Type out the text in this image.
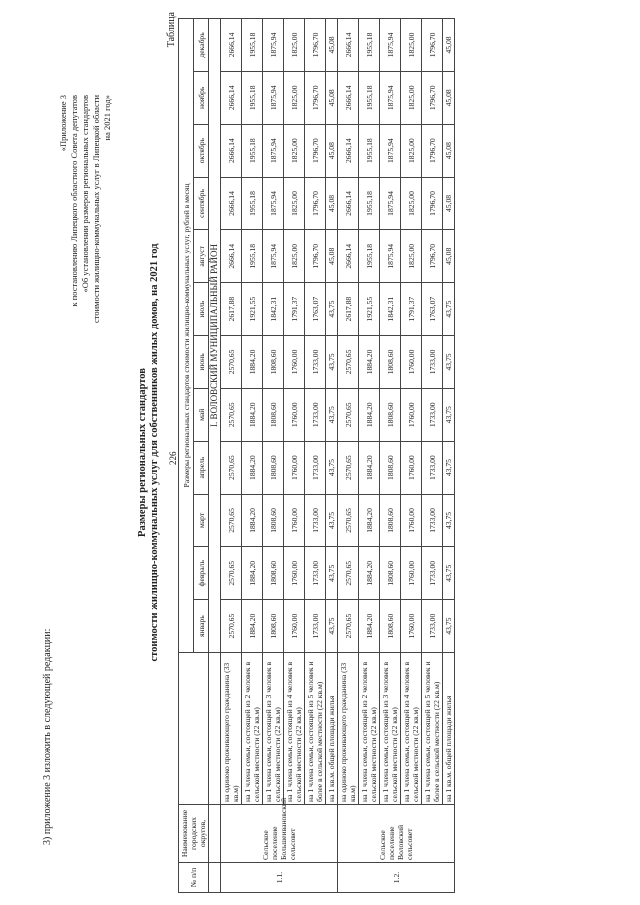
3) приложение 3 изложить в следующей редакции:
226
«Приложение 3 к постановлению Липецкого областного Совета депутатов «Об установлении размеров региональных стандартов стоимости жилищно-коммунальных услуг в Липецкой области на 2021 год»
Размеры региональных стандартов стоимости жилищно-коммунальных услуг для собственников жилых домов, на 2021 год
Таблица
№ п/п	Наименование городских округов,		Размеры региональных стандартов стоимости жилищно-коммунальных услуг, рублей в месяц											
			январь	февраль	март	апрель	май	июнь	июль	август	сентябрь	октябрь	ноябрь	декабрь
			I. ВОЛОВСКИЙ МУНИЦИПАЛЬНЫЙ РАЙОН											
1.1.	Сельское поселение Большеивановский сельсовет	на одиноко проживающего гражданина (33 кв.м)	2570,65	2570,65	2570,65	2570,65	2570,65	2570,65	2617,88	2666,14	2666,14	2666,14	2666,14	2666,14
		на 1 члена семьи, состоящей из 2 человек в сельской местности (22 кв.м)	1884,20	1884,20	1884,20	1884,20	1884,20	1884,20	1921,55	1955,18	1955,18	1955,18	1955,18	1955,18
		на 1 члена семьи, состоящей из 3 человек в сельской местности (22 кв.м)	1808,60	1808,60	1808,60	1808,60	1808,60	1808,60	1842,31	1875,94	1875,94	1875,94	1875,94	1875,94
		на 1 члена семьи, состоящей из 4 человек в сельской местности (22 кв.м)	1760,00	1760,00	1760,00	1760,00	1760,00	1760,00	1791,37	1825,00	1825,00	1825,00	1825,00	1825,00
		на 1 члена семьи, состоящей из 5 человек и более в сельской местности (22 кв.м)	1733,00	1733,00	1733,00	1733,00	1733,00	1733,00	1763,07	1796,70	1796,70	1796,70	1796,70	1796,70
		на 1 кв.м. общей площади жилья	43,75	43,75	43,75	43,75	43,75	43,75	43,75	45,08	45,08	45,08	45,08	45,08
1.2.	Сельское поселение Воловский сельсовет	на одиноко проживающего гражданина (33 кв.м)	2570,65	2570,65	2570,65	2570,65	2570,65	2570,65	2617,88	2666,14	2666,14	2666,14	2666,14	2666,14
		на 1 члена семьи, состоящей из 2 человек в сельской местности (22 кв.м)	1884,20	1884,20	1884,20	1884,20	1884,20	1884,20	1921,55	1955,18	1955,18	1955,18	1955,18	1955,18
		на 1 члена семьи, состоящей из 3 человек в сельской местности (22 кв.м)	1808,60	1808,60	1808,60	1808,60	1808,60	1808,60	1842,31	1875,94	1875,94	1875,94	1875,94	1875,94
		на 1 члена семьи, состоящей из 4 человек в сельской местности (22 кв.м)	1760,00	1760,00	1760,00	1760,00	1760,00	1760,00	1791,37	1825,00	1825,00	1825,00	1825,00	1825,00
		на 1 члена семьи, состоящей из 5 человек и более в сельской местности (22 кв.м)	1733,00	1733,00	1733,00	1733,00	1733,00	1733,00	1763,07	1796,70	1796,70	1796,70	1796,70	1796,70
		на 1 кв.м. общей площади жилья	43,75	43,75	43,75	43,75	43,75	43,75	43,75	45,08	45,08	45,08	45,08	45,08
